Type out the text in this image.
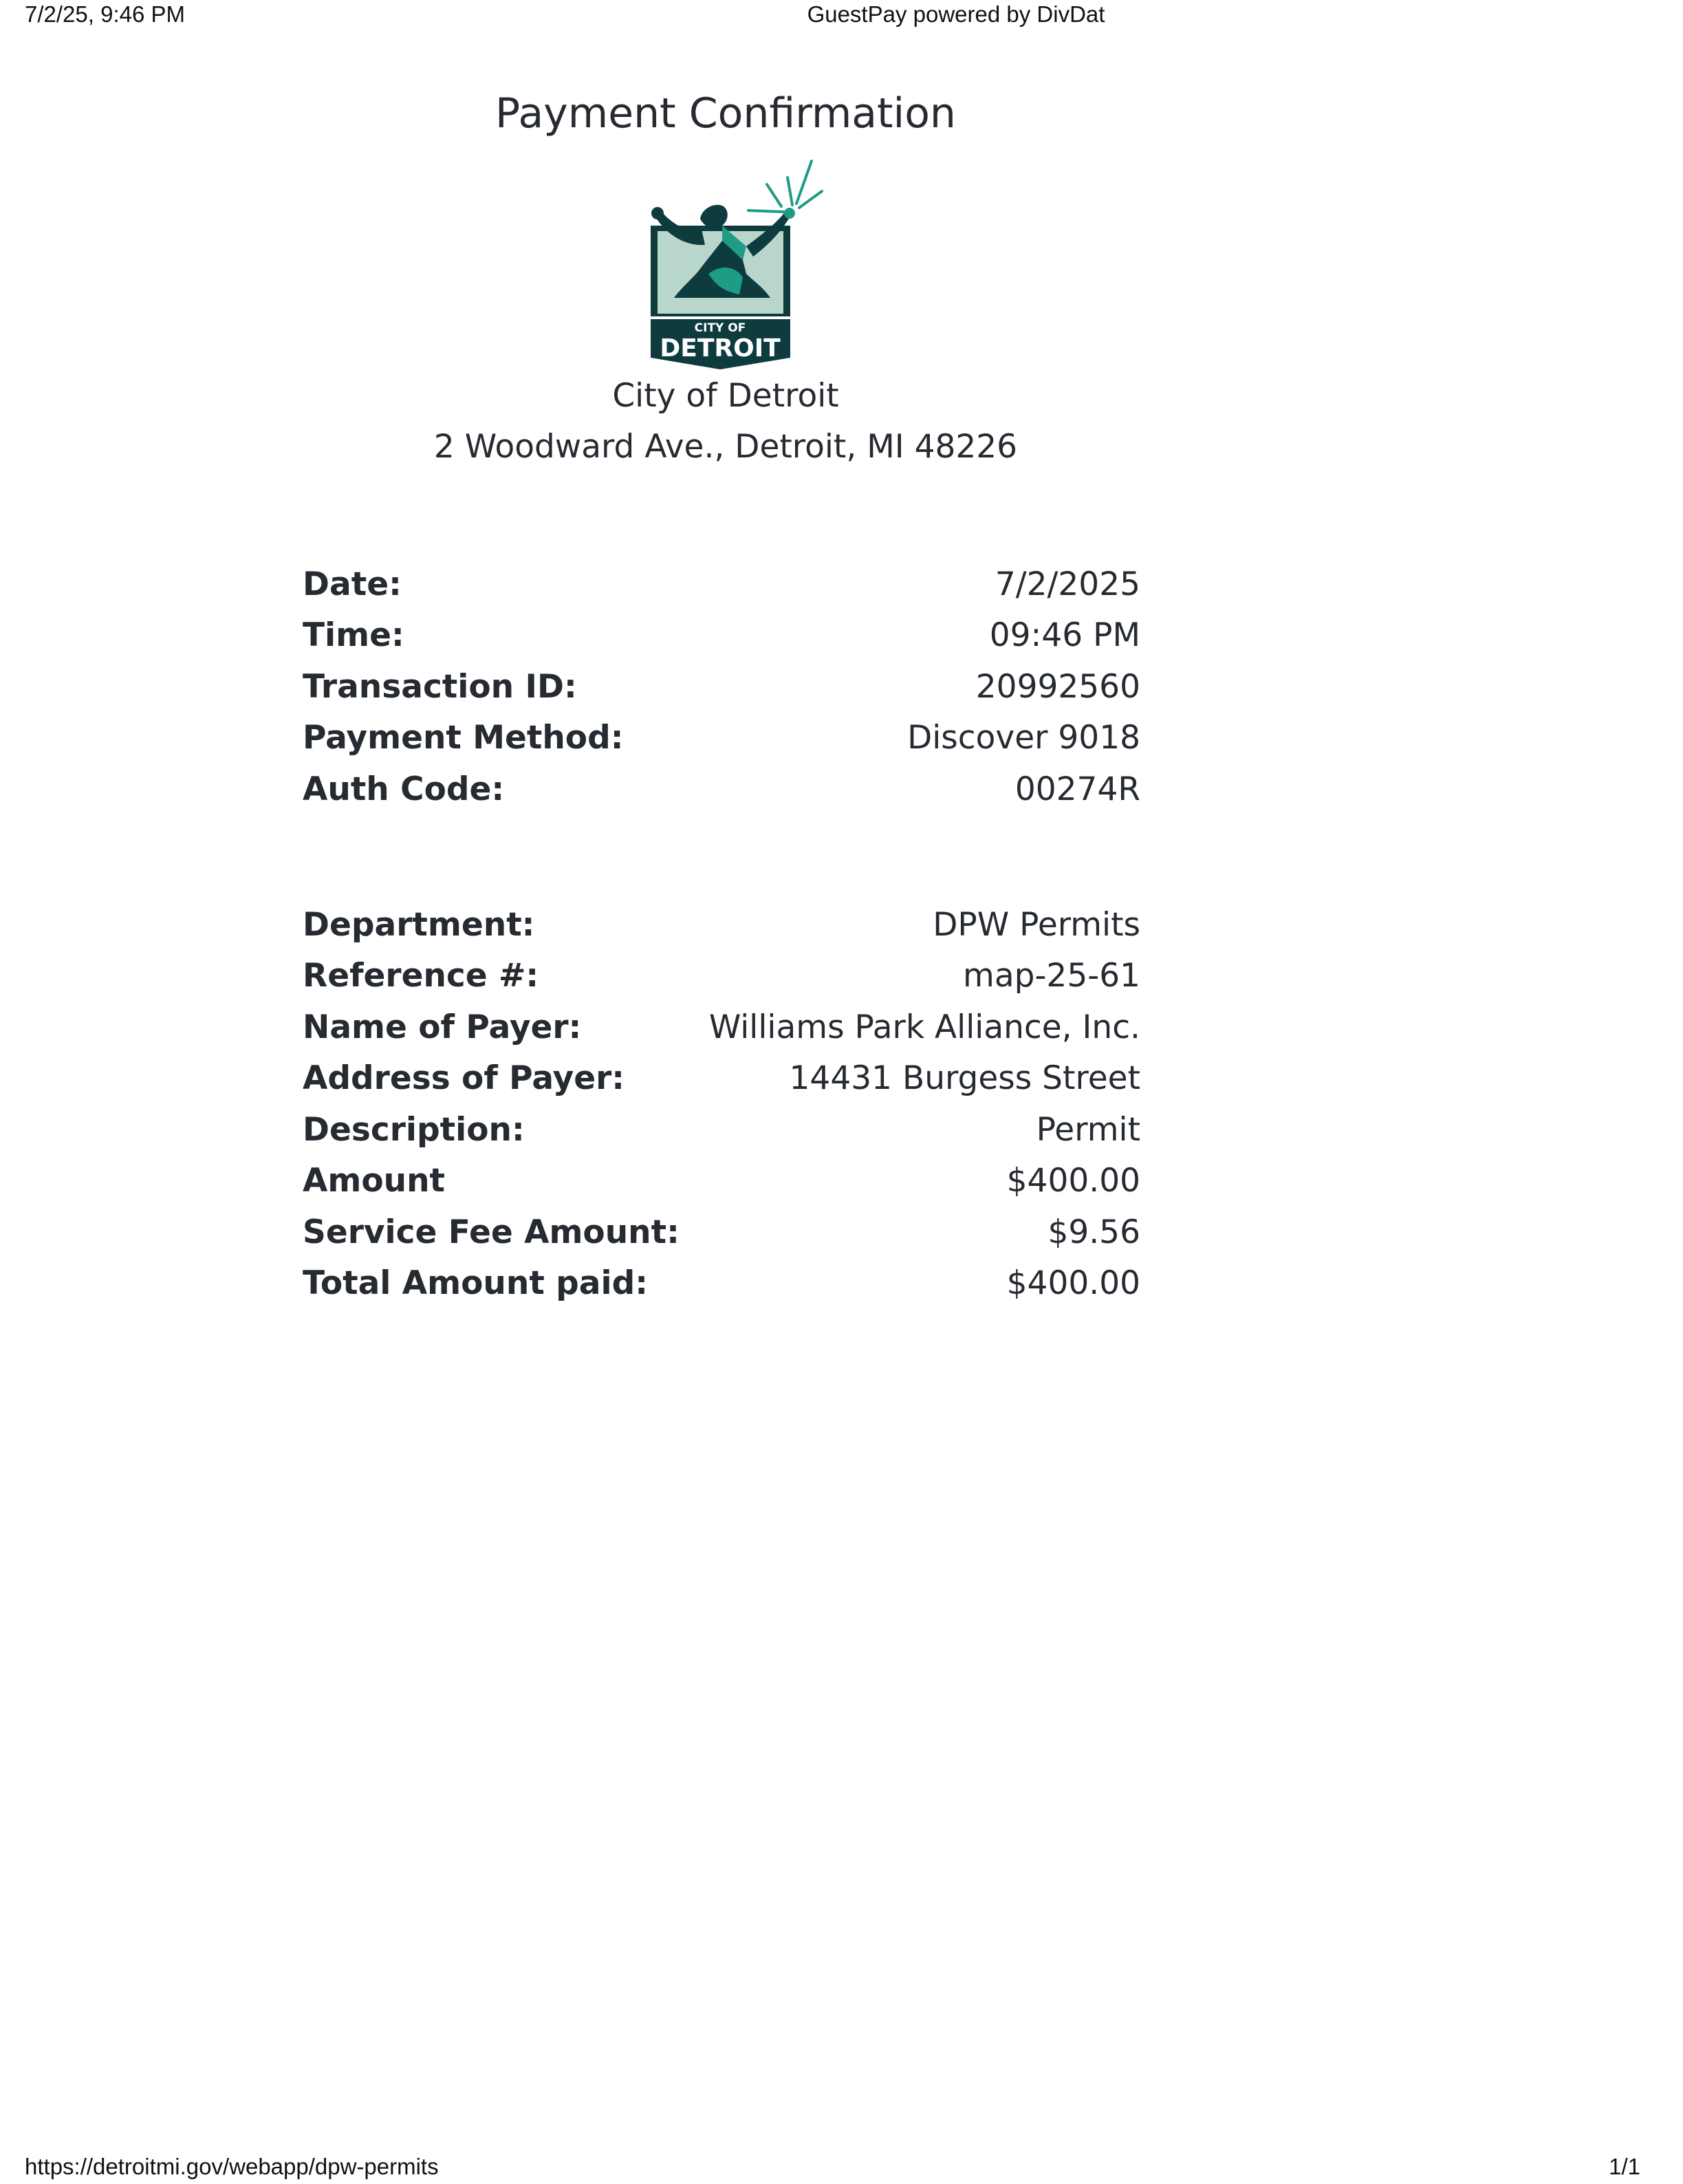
7/2/25, 9:46 PM	GuestPay powered by DivDat
Payment Confirmation
CITY OF
DETROIT
City of Detroit
2 Woodward Ave., Detroit, MI 48226
Date:	7/2/2025
Time:	09:46 PM
Transaction ID:	20992560
Payment Method:	Discover 9018
Auth Code:	00274R
Department:	DPW Permits
Reference #:	map-25-61
Name of Payer:	Williams Park Alliance, Inc.
Address of Payer:	14431 Burgess Street
Description:	Permit
Amount	$400.00
Service Fee Amount:	$9.56
Total Amount paid:	$400.00
https://detroitmi.gov/webapp/dpw-permits	1/1
